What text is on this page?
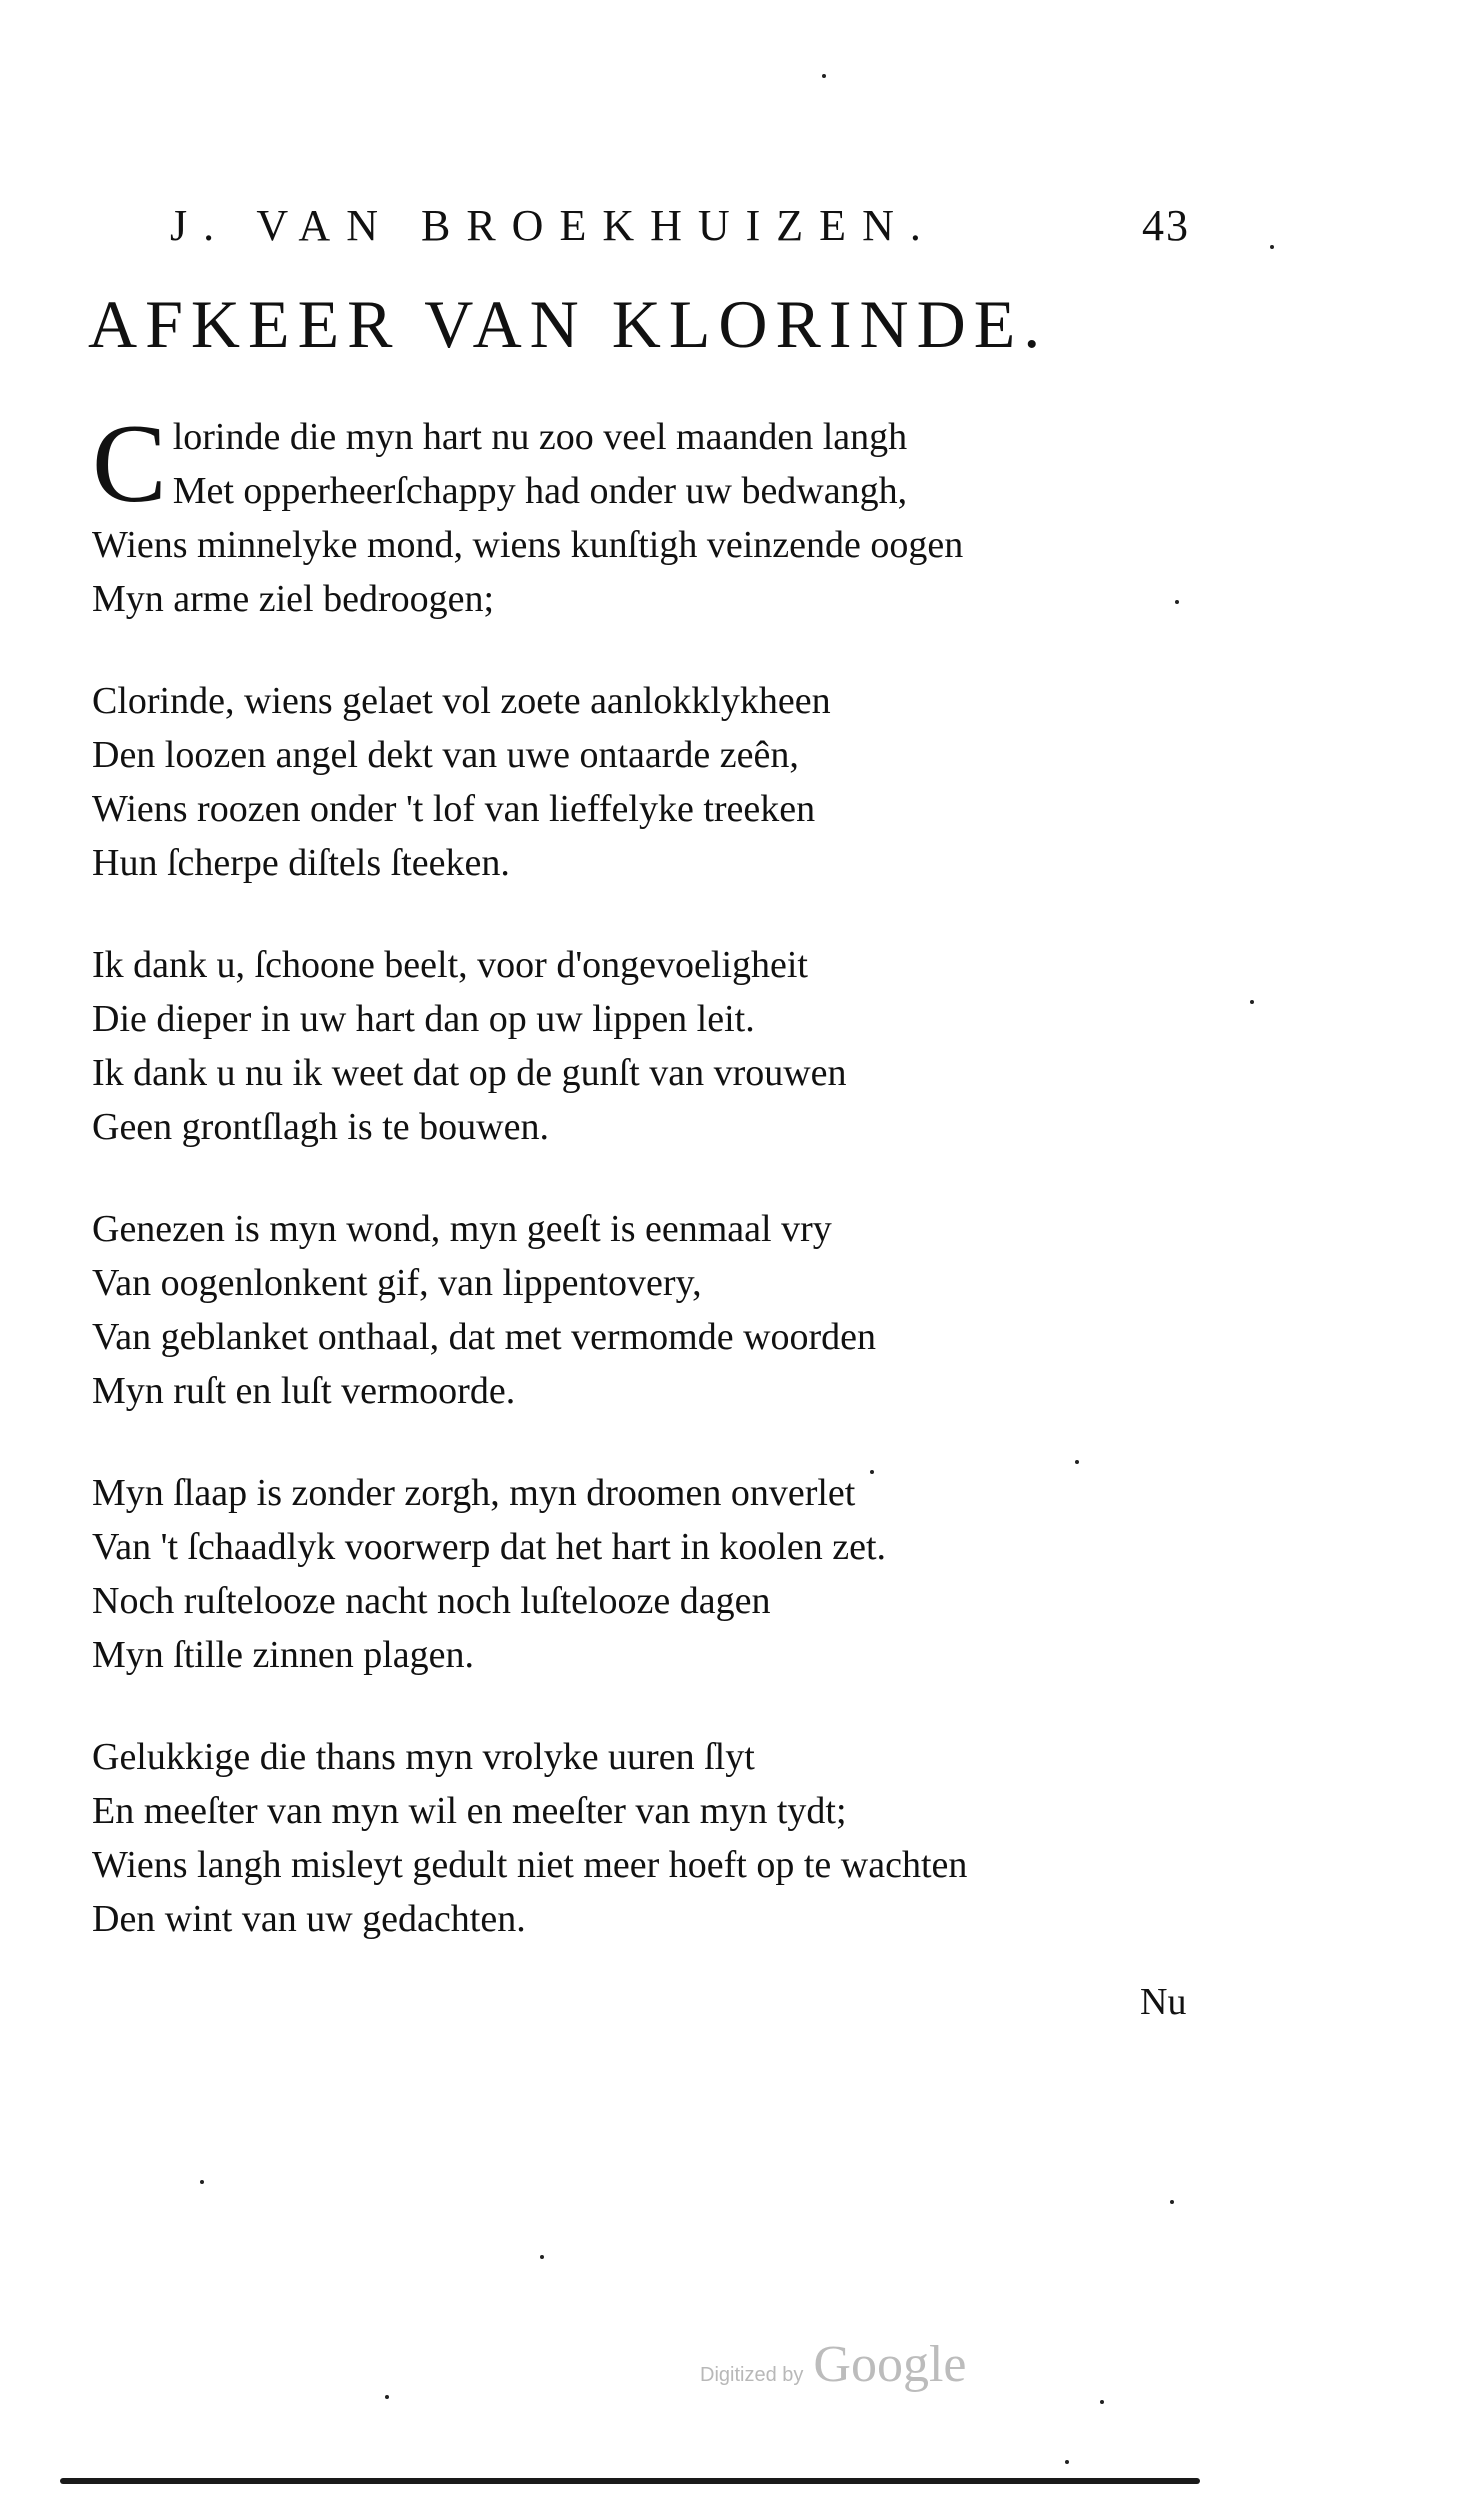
J. VAN BROEKHUIZEN.	43
AFKEER VAN KLORINDE.
C lorinde die myn hart nu zoo veel maanden langh
Met opperheerſchappy had onder uw bedwangh,
Wiens minnelyke mond, wiens kunſtigh veinzende oogen
Myn arme ziel bedroogen;
Clorinde, wiens gelaet vol zoete aanlokklykheen
Den loozen angel dekt van uwe ontaarde zeên,
Wiens roozen onder 't lof van lieffelyke treeken
Hun ſcherpe diſtels ſteeken.
Ik dank u, ſchoone beelt, voor d'ongevoeligheit
Die dieper in uw hart dan op uw lippen leit.
Ik dank u nu ik weet dat op de gunſt van vrouwen
Geen grontſlagh is te bouwen.
Genezen is myn wond, myn geeſt is eenmaal vry
Van oogenlonkent gif, van lippentovery,
Van geblanket onthaal, dat met vermomde woorden
Myn ruſt en luſt vermoorde.
Myn ſlaap is zonder zorgh, myn droomen onverlet
Van 't ſchaadlyk voorwerp dat het hart in koolen zet.
Noch ruſtelooze nacht noch luſtelooze dagen
Myn ſtille zinnen plagen.
Gelukkige die thans myn vrolyke uuren ſlyt
En meeſter van myn wil en meeſter van myn tydt;
Wiens langh misleyt gedult niet meer hoeft op te wachten
Den wint van uw gedachten.
Nu
Digitized by Google
